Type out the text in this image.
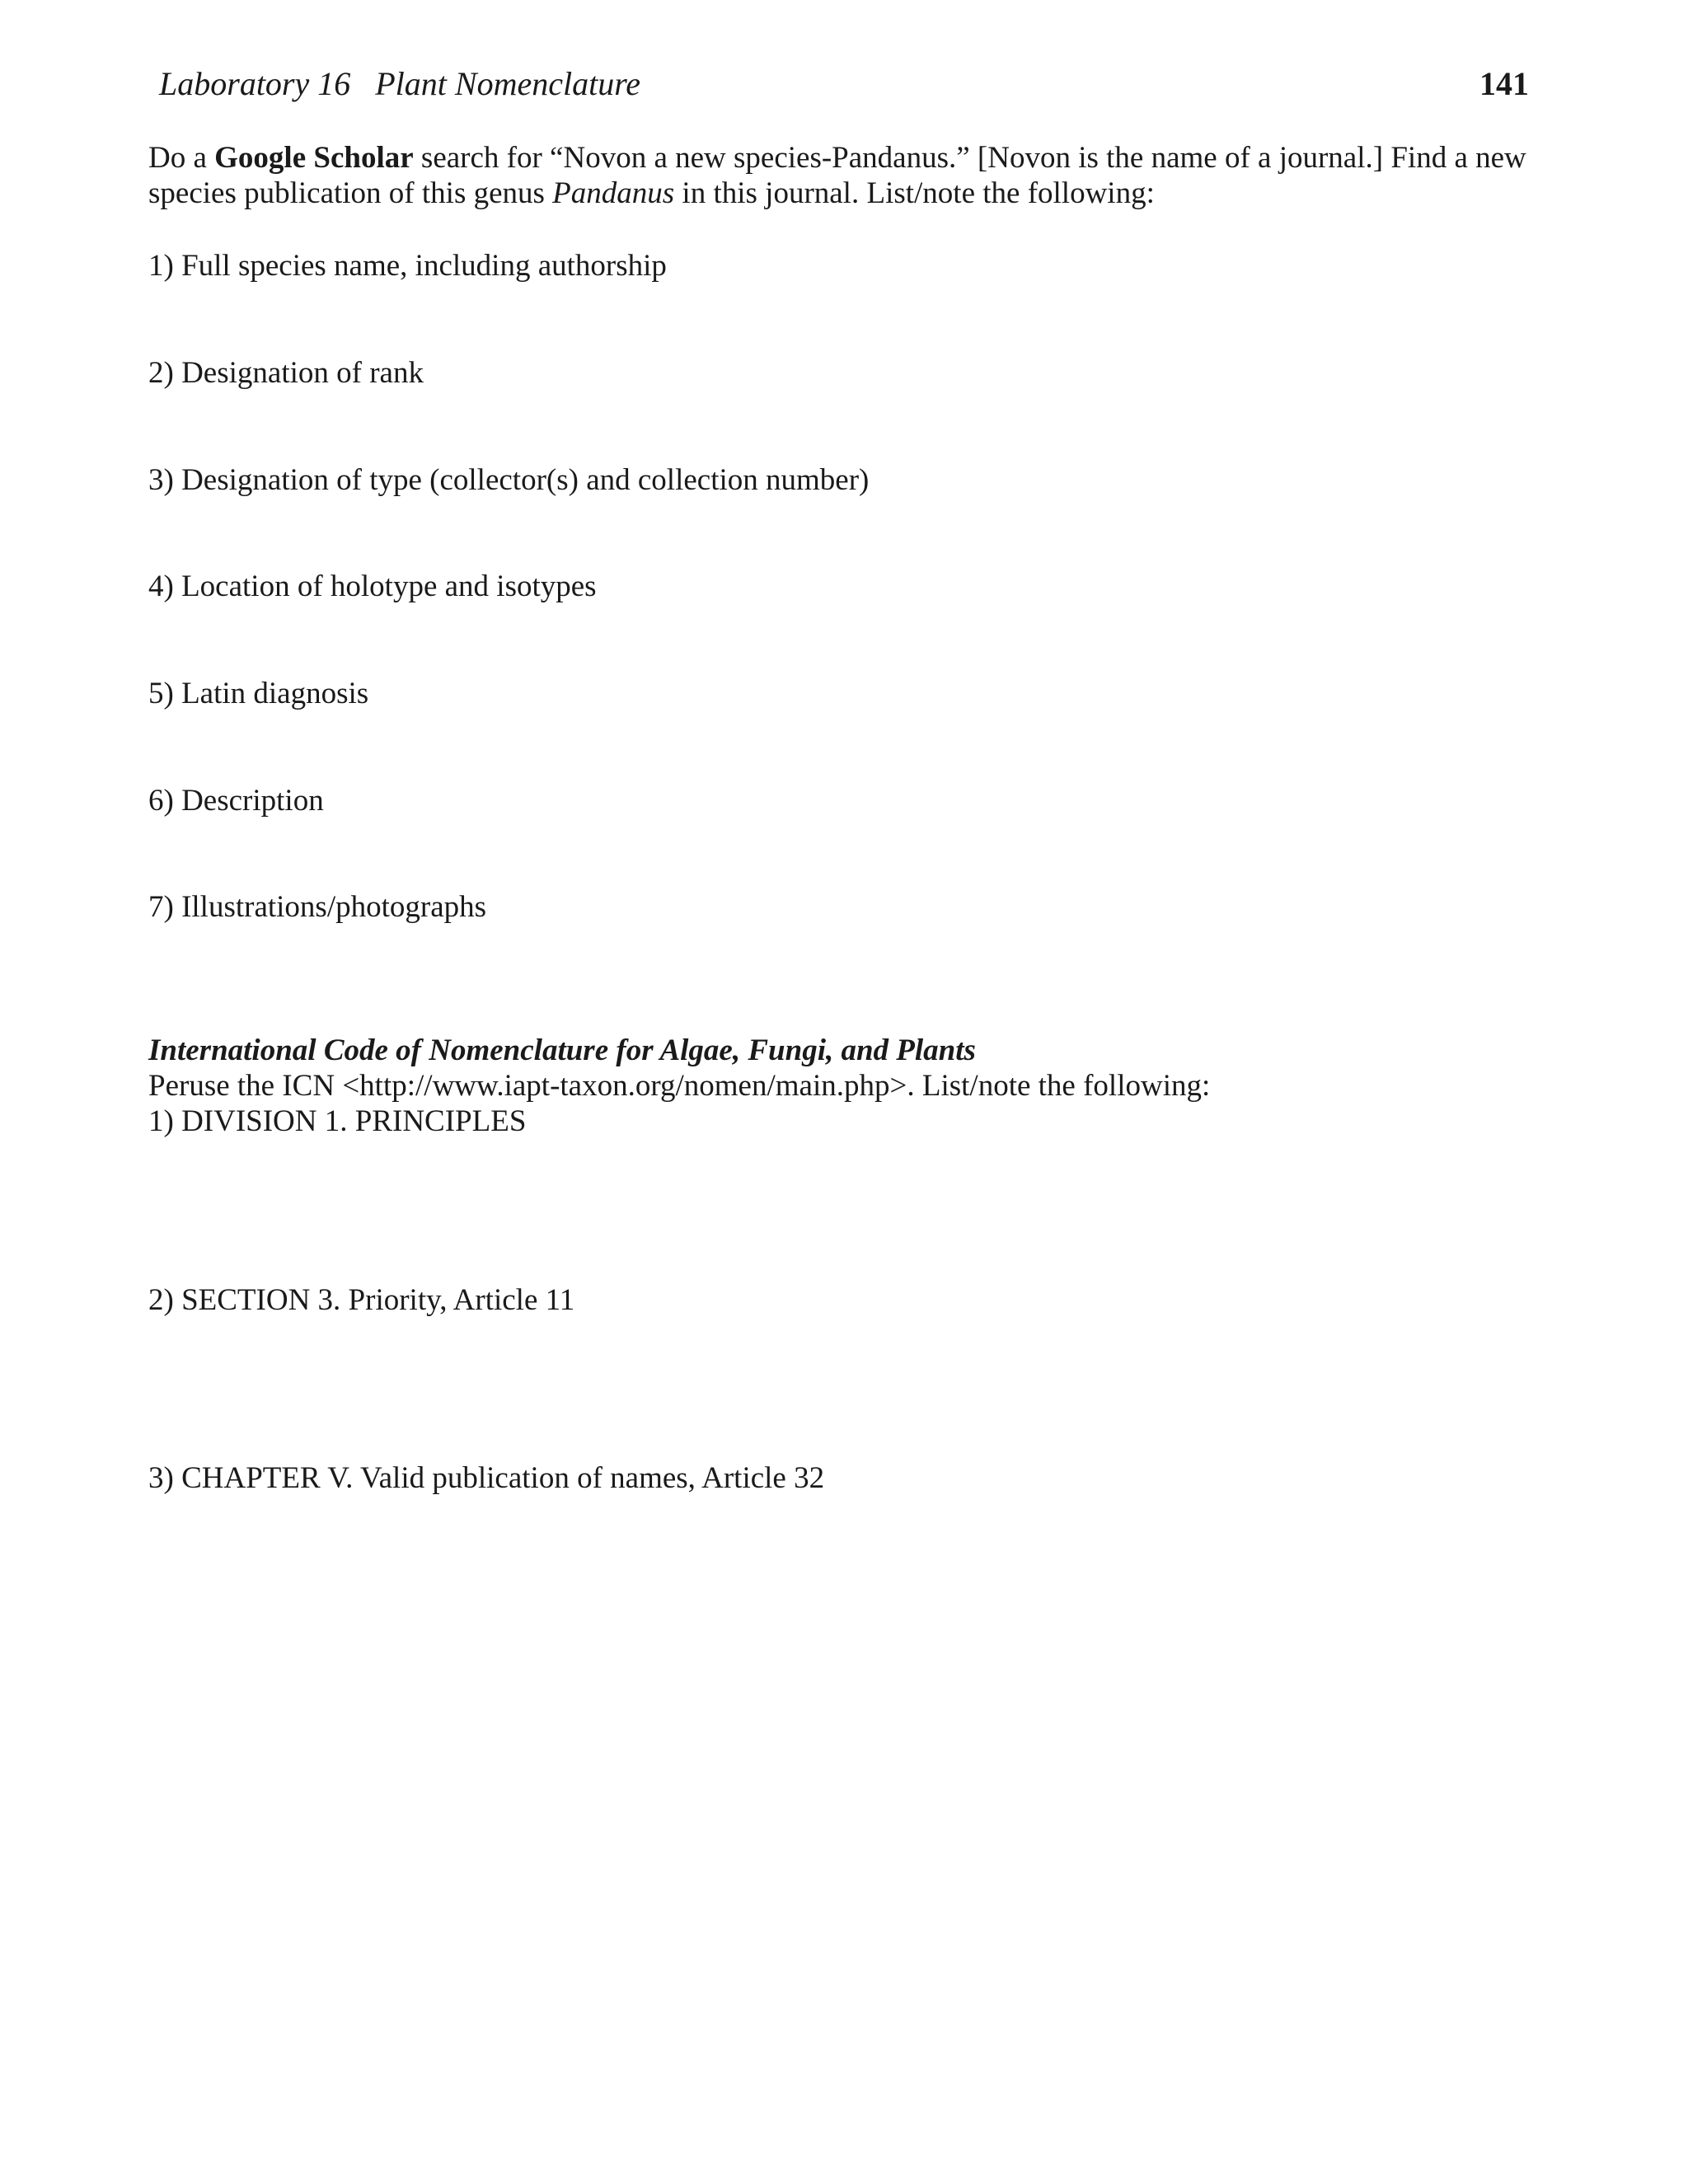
Laboratory 16   Plant Nomenclature	141
Do a Google Scholar search for “Novon a new species-Pandanus.” [Novon is the name of a journal.] Find a new species publication of this genus Pandanus in this journal. List/note the following:
1) Full species name, including authorship
2) Designation of rank
3) Designation of type (collector(s) and collection number)
4) Location of holotype and isotypes
5) Latin diagnosis
6) Description
7) Illustrations/photographs
International Code of Nomenclature for Algae, Fungi, and Plants
Peruse the ICN <http://www.iapt-taxon.org/nomen/main.php>. List/note the following:
1) DIVISION 1. PRINCIPLES
2) SECTION 3. Priority, Article 11
3) CHAPTER V. Valid publication of names, Article 32
